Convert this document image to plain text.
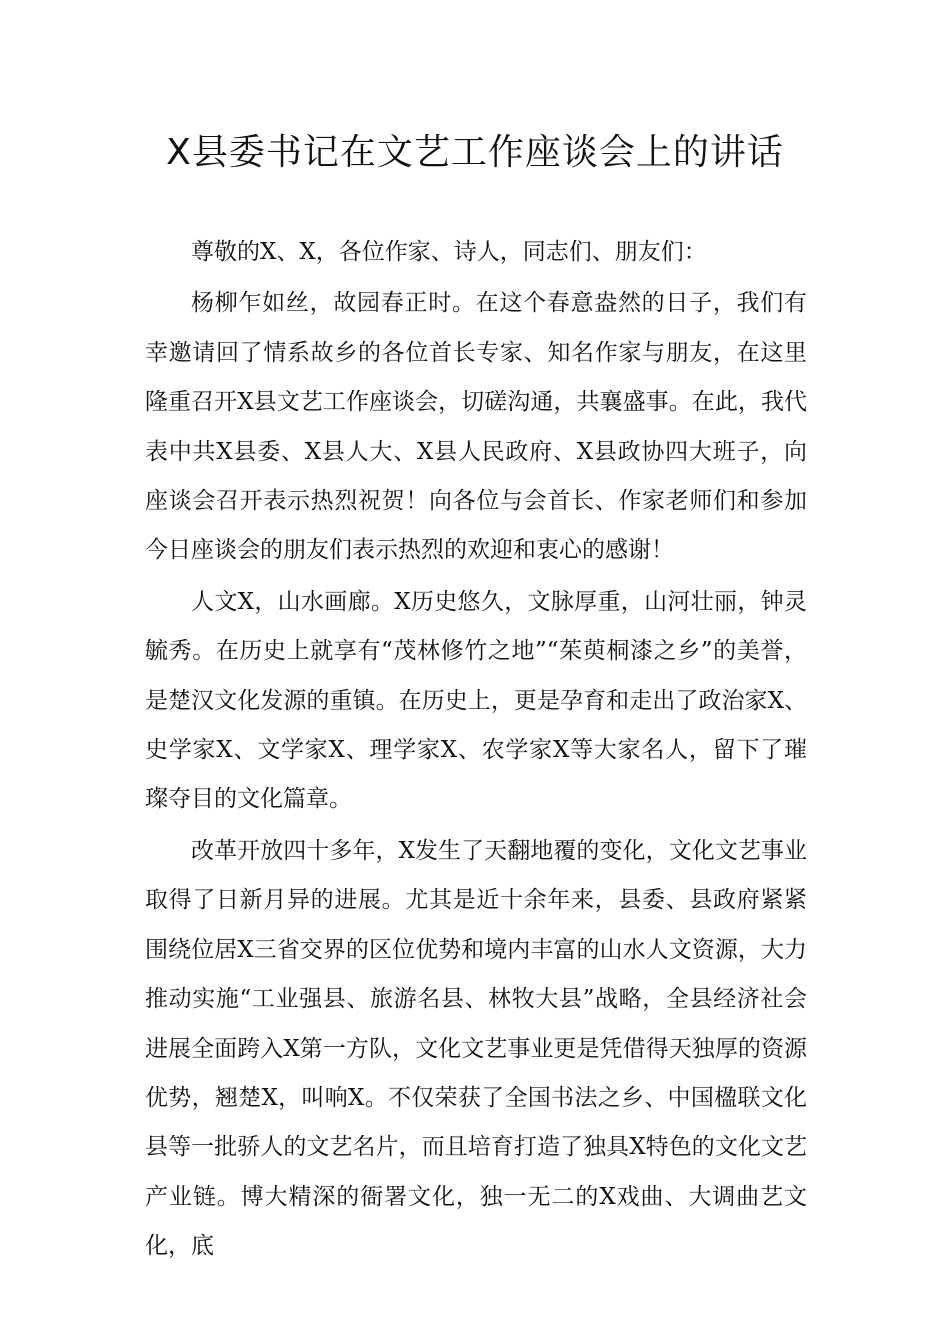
X县委书记在文艺工作座谈会上的讲话

尊敬的X、X，各位作家、诗人，同志们、朋友们：

杨柳乍如丝，故园春正时。在这个春意盎然的日子，我们有幸邀请回了情系故乡的各位首长专家、知名作家与朋友，在这里隆重召开X县文艺工作座谈会，切磋沟通，共襄盛事。在此，我代表中共X县委、X县人大、X县人民政府、X县政协四大班子，向座谈会召开表示热烈祝贺！向各位与会首长、作家老师们和参加今日座谈会的朋友们表示热烈的欢迎和衷心的感谢！

人文X，山水画廊。X历史悠久，文脉厚重，山河壮丽，钟灵毓秀。在历史上就享有“茂林修竹之地”“茱萸桐漆之乡”的美誉，是楚汉文化发源的重镇。在历史上，更是孕育和走出了政治家X、史学家X、文学家X、理学家X、农学家X等大家名人，留下了璀璨夺目的文化篇章。

改革开放四十多年，X发生了天翻地覆的变化，文化文艺事业取得了日新月异的进展。尤其是近十余年来，县委、县政府紧紧围绕位居X三省交界的区位优势和境内丰富的山水人文资源，大力推动实施“工业强县、旅游名县、林牧大县”战略，全县经济社会进展全面跨入X第一方队，文化文艺事业更是凭借得天独厚的资源优势，翘楚X，叫响X。不仅荣获了全国书法之乡、中国楹联文化县等一批骄人的文艺名片，而且培育打造了独具X特色的文化文艺产业链。博大精深的衙署文化，独一无二的X戏曲、大调曲艺文化，底
